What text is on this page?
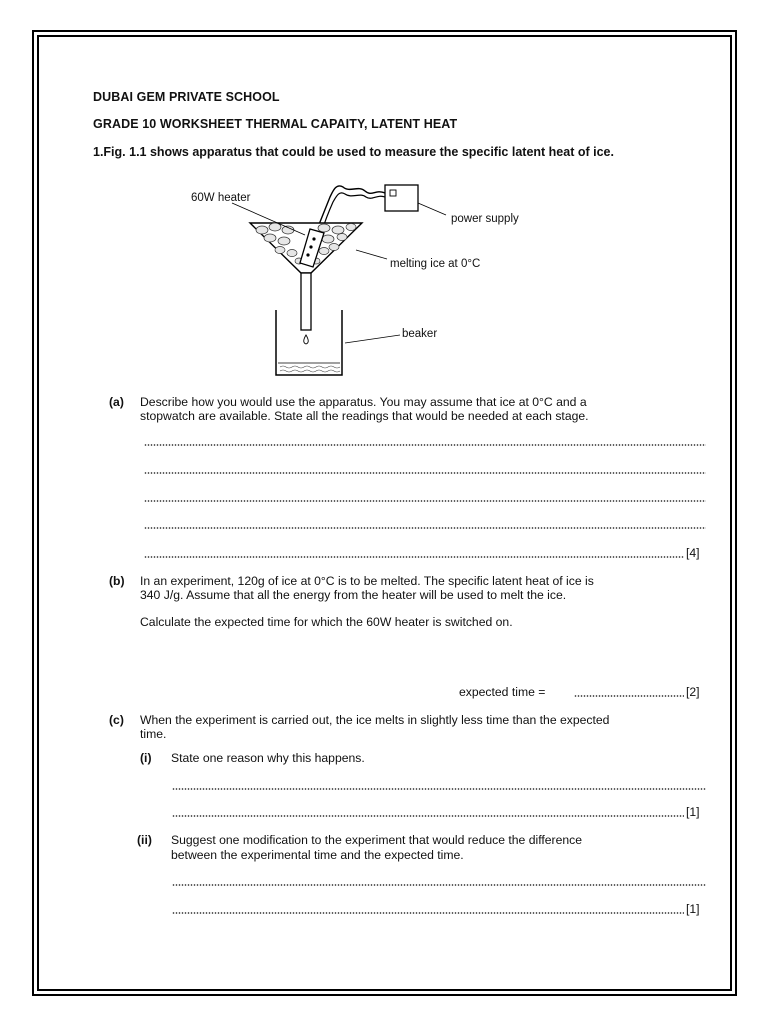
DUBAI GEM PRIVATE SCHOOL
GRADE 10 WORKSHEET THERMAL CAPAITY, LATENT HEAT
1.Fig. 1.1 shows apparatus that could be used to measure the specific latent heat of ice.
60W heater
power supply
melting ice at 0°C
beaker
(a) Describe how you would use the apparatus. You may assume that ice at 0°C and a
stopwatch are available. State all the readings that would be needed at each stage.
[4]
(b) In an experiment, 120g of ice at 0°C is to be melted. The specific latent heat of ice is
340 J/g. Assume that all the energy from the heater will be used to melt the ice.
Calculate the expected time for which the 60W heater is switched on.
expected time =	[2]
(c) When the experiment is carried out, the ice melts in slightly less time than the expected
time.
(i) State one reason why this happens.
[1]
(ii) Suggest one modification to the experiment that would reduce the difference
between the experimental time and the expected time.
[1]
